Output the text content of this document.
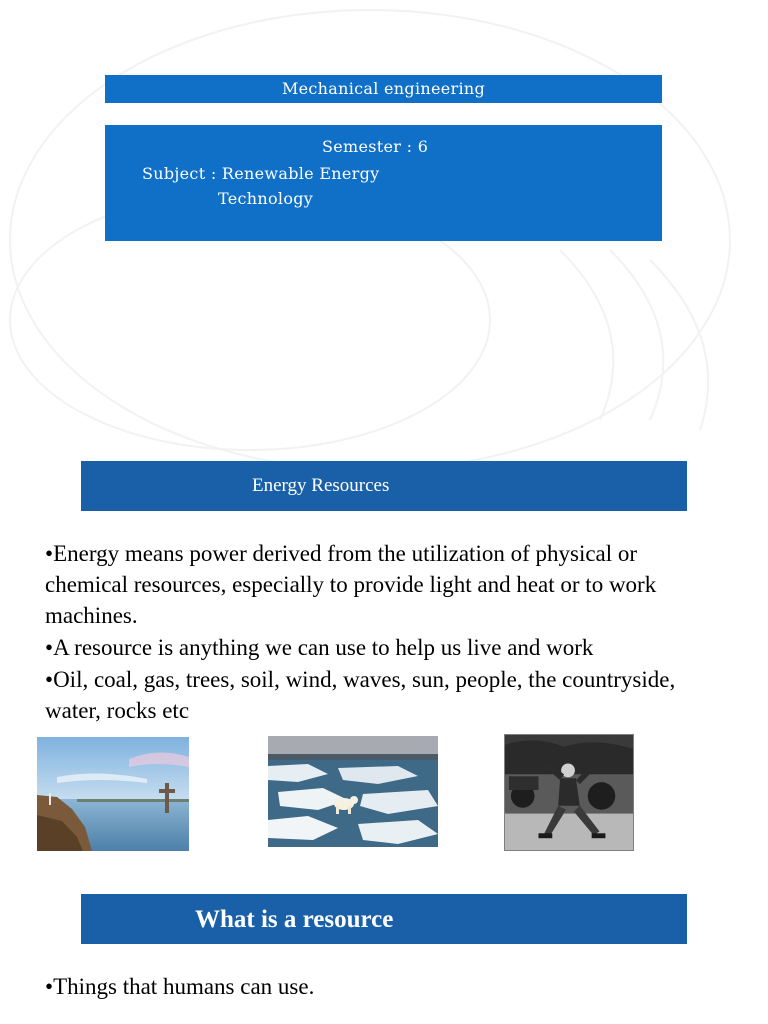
Mechanical engineering
Semester : 6
Subject : Renewable Energy
Technology
Energy Resources
• Energy means power derived from the utilization of physical or chemical resources, especially to provide light and heat or to work machines.
• A resource is anything we can use to help us live and work
• Oil, coal, gas, trees, soil, wind, waves, sun, people, the countryside, water, rocks etc
What is a resource
• Things that humans can use.
